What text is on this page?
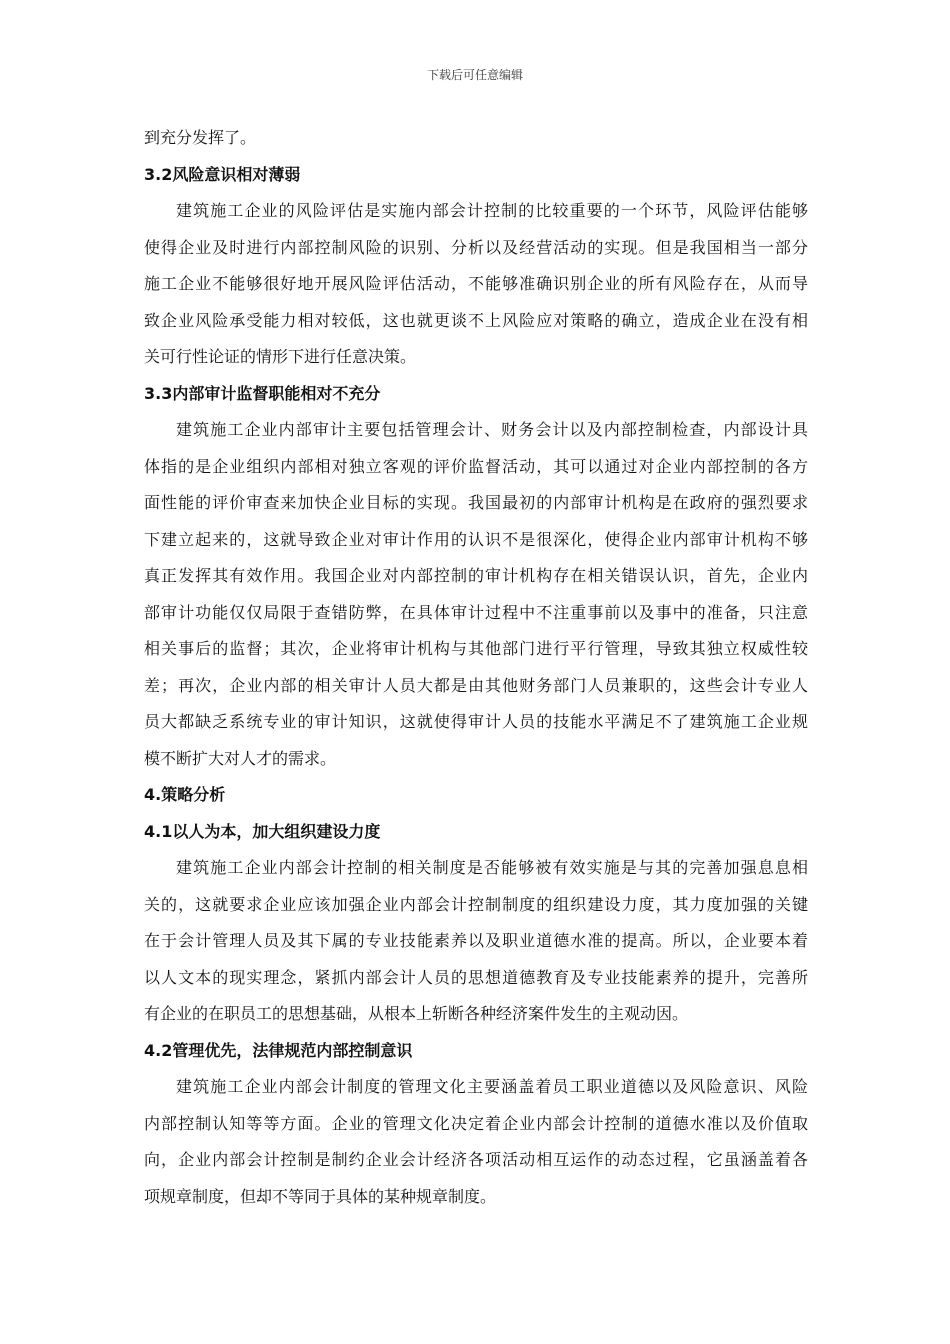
下载后可任意编辑
到充分发挥了。
3.2风险意识相对薄弱
建筑施工企业的风险评估是实施内部会计控制的比较重要的一个环节，风险评估能够
使得企业及时进行内部控制风险的识别、分析以及经营活动的实现。但是我国相当一部分
施工企业不能够很好地开展风险评估活动，不能够准确识别企业的所有风险存在，从而导
致企业风险承受能力相对较低，这也就更谈不上风险应对策略的确立，造成企业在没有相
关可行性论证的情形下进行任意决策。
3.3内部审计监督职能相对不充分
建筑施工企业内部审计主要包括管理会计、财务会计以及内部控制检查，内部设计具
体指的是企业组织内部相对独立客观的评价监督活动，其可以通过对企业内部控制的各方
面性能的评价审查来加快企业目标的实现。我国最初的内部审计机构是在政府的强烈要求
下建立起来的，这就导致企业对审计作用的认识不是很深化，使得企业内部审计机构不够
真正发挥其有效作用。我国企业对内部控制的审计机构存在相关错误认识，首先，企业内
部审计功能仅仅局限于查错防弊，在具体审计过程中不注重事前以及事中的准备，只注意
相关事后的监督；其次，企业将审计机构与其他部门进行平行管理，导致其独立权威性较
差；再次，企业内部的相关审计人员大都是由其他财务部门人员兼职的，这些会计专业人
员大都缺乏系统专业的审计知识，这就使得审计人员的技能水平满足不了建筑施工企业规
模不断扩大对人才的需求。
4.策略分析
4.1以人为本，加大组织建设力度
建筑施工企业内部会计控制的相关制度是否能够被有效实施是与其的完善加强息息相
关的，这就要求企业应该加强企业内部会计控制制度的组织建设力度，其力度加强的关键
在于会计管理人员及其下属的专业技能素养以及职业道德水准的提高。所以，企业要本着
以人文本的现实理念，紧抓内部会计人员的思想道德教育及专业技能素养的提升，完善所
有企业的在职员工的思想基础，从根本上斩断各种经济案件发生的主观动因。
4.2管理优先，法律规范内部控制意识
建筑施工企业内部会计制度的管理文化主要涵盖着员工职业道德以及风险意识、风险
内部控制认知等等方面。企业的管理文化决定着企业内部会计控制的道德水准以及价值取
向，企业内部会计控制是制约企业会计经济各项活动相互运作的动态过程，它虽涵盖着各
项规章制度，但却不等同于具体的某种规章制度。
